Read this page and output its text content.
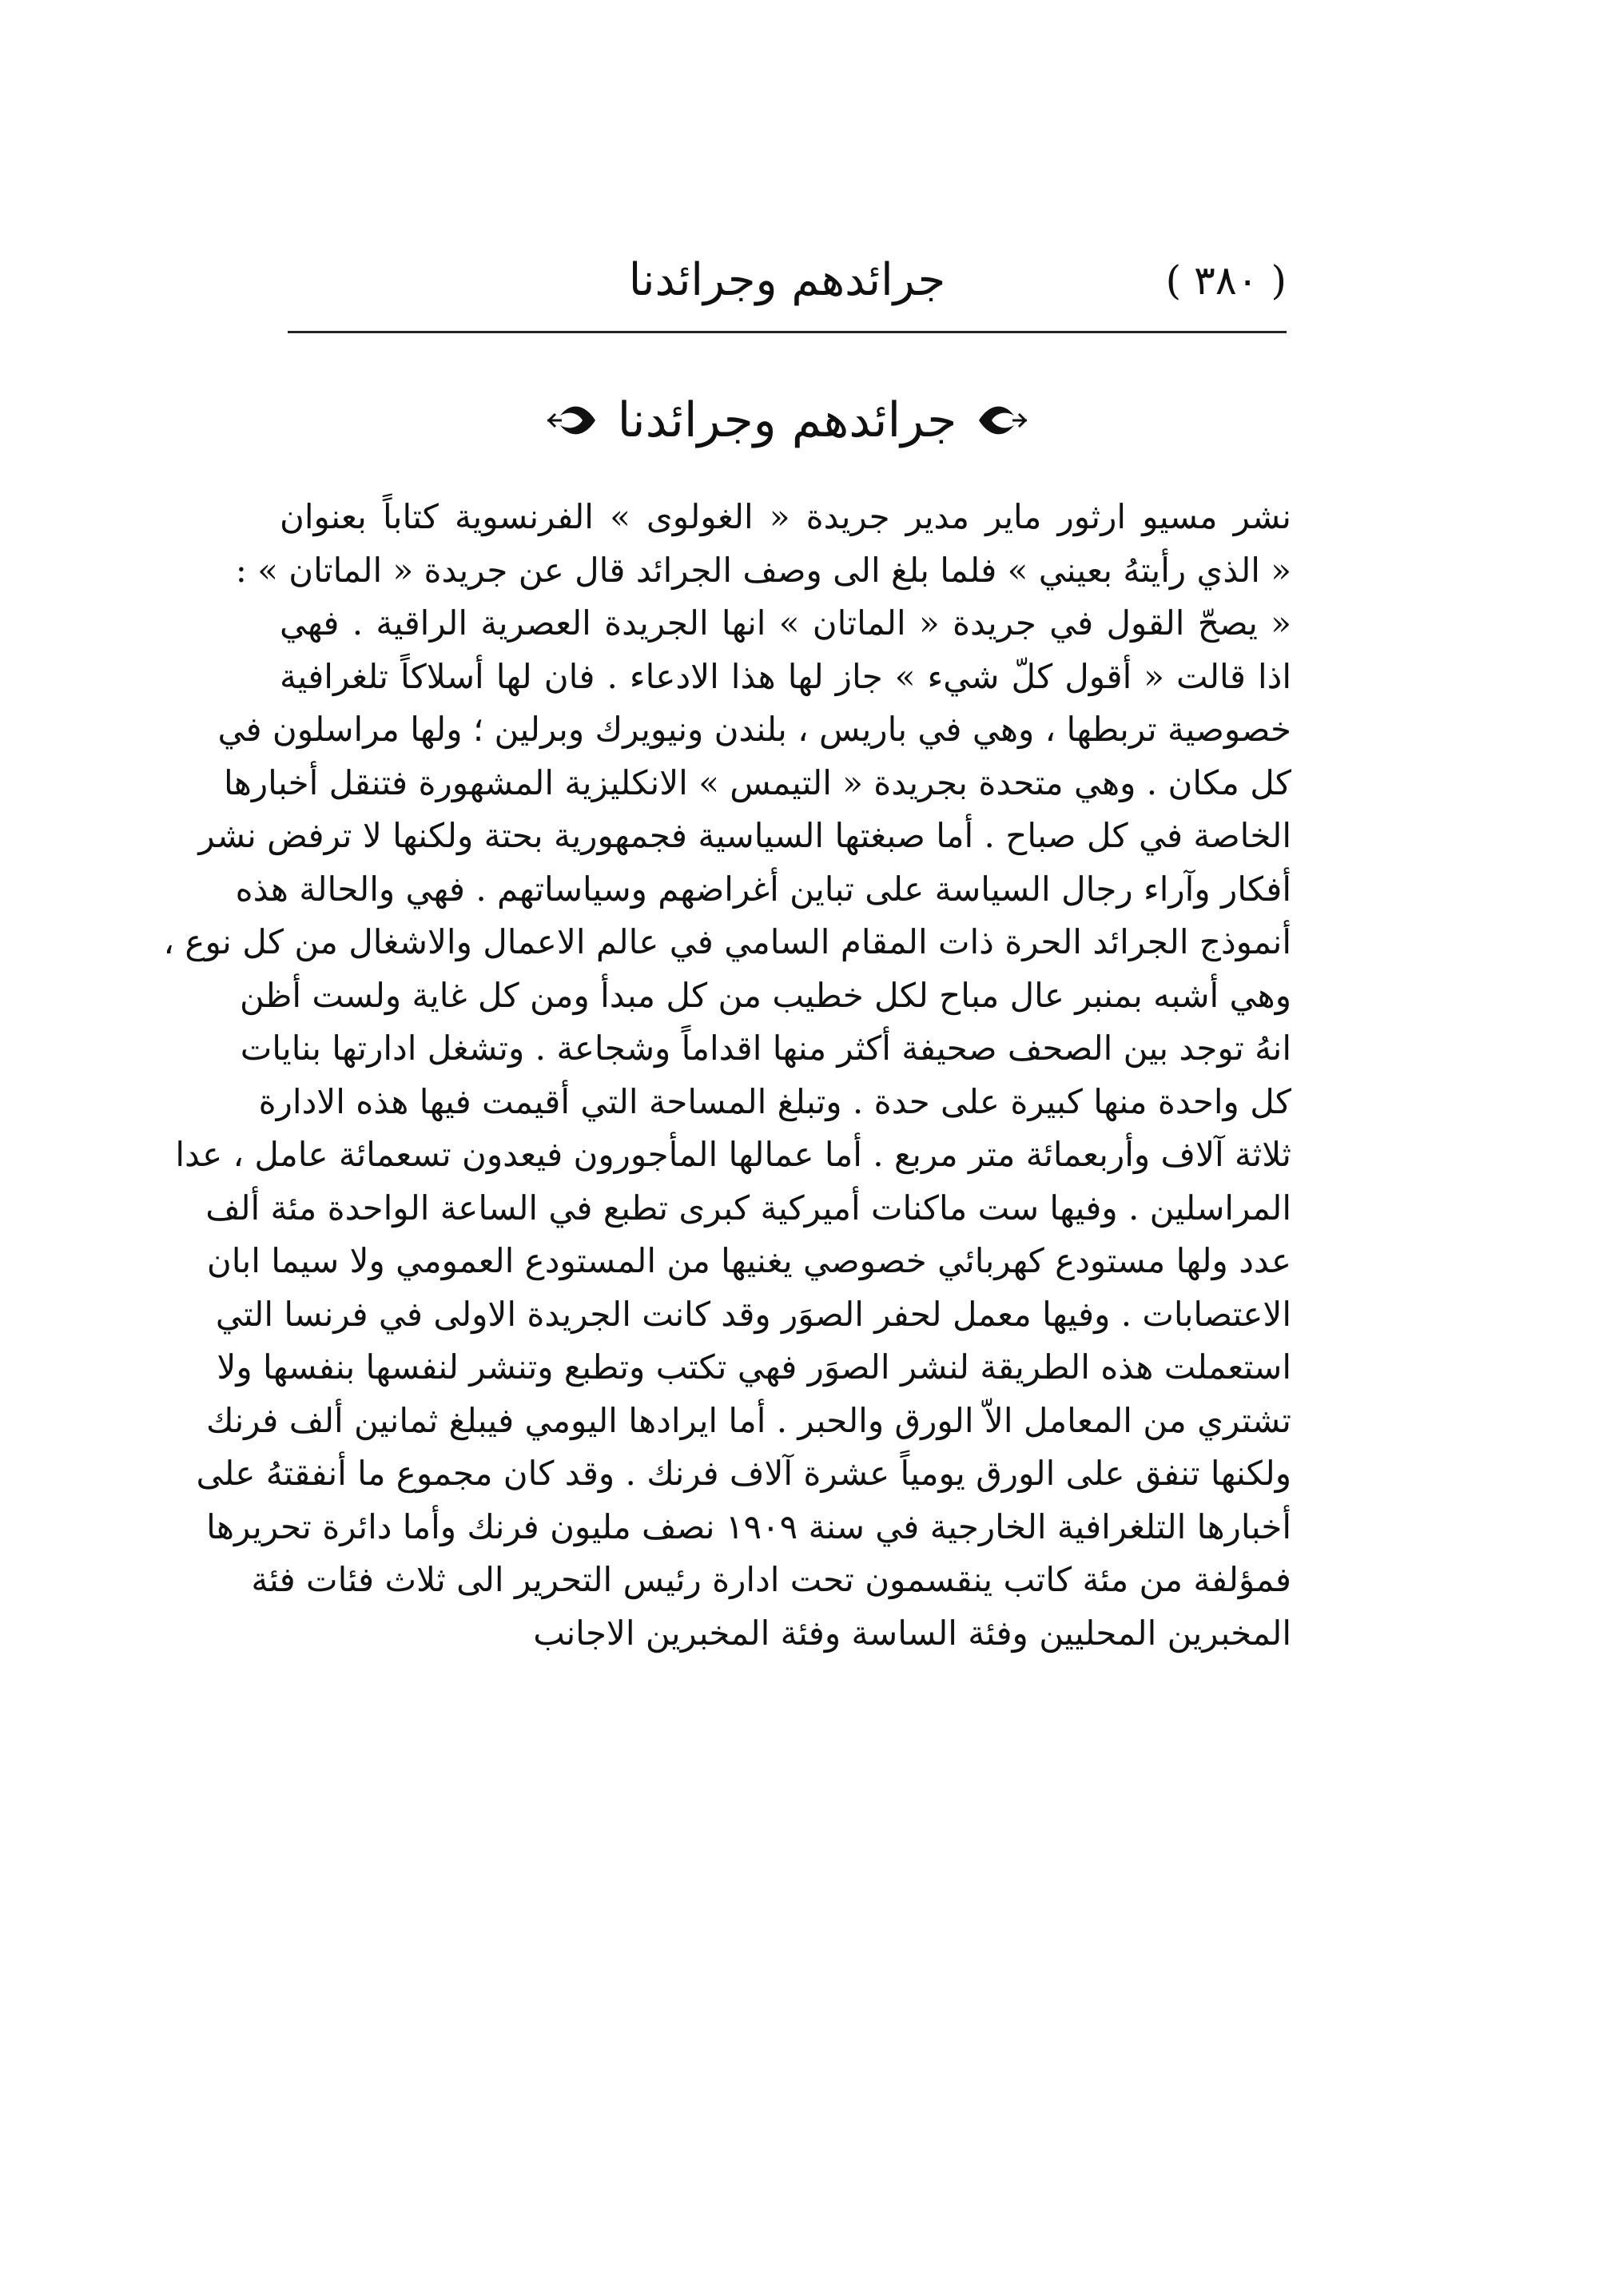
( ٣٨٠ )
جرائدهم وجرائدنا
جرائدهم وجرائدنا
نشر مسيو ارثور ماير مدير جريدة « الغولوى » الفرنسوية كتاباً بعنوان
« الذي رأيتهُ بعيني » فلما بلغ الى وصف الجرائد قال عن جريدة « الماتان » :
« يصحّ القول في جريدة « الماتان » انها الجريدة العصرية الراقية . فهي
اذا قالت « أقول كلّ شيء » جاز لها هذا الادعاء . فان لها أسلاكاً تلغرافية
خصوصية تربطها ، وهي في باريس ، بلندن ونيويرك وبرلين ؛ ولها مراسلون في
كل مكان . وهي متحدة بجريدة « التيمس » الانكليزية المشهورة فتنقل أخبارها
الخاصة في كل صباح . أما صبغتها السياسية فجمهورية بحتة ولكنها لا ترفض نشر
أفكار وآراء رجال السياسة على تباين أغراضهم وسياساتهم . فهي والحالة هذه
أنموذج الجرائد الحرة ذات المقام السامي في عالم الاعمال والاشغال من كل نوع ،
وهي أشبه بمنبر عال مباح لكل خطيب من كل مبدأ ومن كل غاية ولست أظن
انهُ توجد بين الصحف صحيفة أكثر منها اقداماً وشجاعة . وتشغل ادارتها بنايات
كل واحدة منها كبيرة على حدة . وتبلغ المساحة التي أقيمت فيها هذه الادارة
ثلاثة آلاف وأربعمائة متر مربع . أما عمالها المأجورون فيعدون تسعمائة عامل ، عدا
المراسلين . وفيها ست ماكنات أميركية كبرى تطبع في الساعة الواحدة مئة ألف
عدد ولها مستودع كهربائي خصوصي يغنيها من المستودع العمومي ولا سيما ابان
الاعتصابات . وفيها معمل لحفر الصوَر وقد كانت الجريدة الاولى في فرنسا التي
استعملت هذه الطريقة لنشر الصوَر فهي تكتب وتطبع وتنشر لنفسها بنفسها ولا
تشتري من المعامل الاّ الورق والحبر . أما ايرادها اليومي فيبلغ ثمانين ألف فرنك
ولكنها تنفق على الورق يومياً عشرة آلاف فرنك . وقد كان مجموع ما أنفقتهُ على
أخبارها التلغرافية الخارجية في سنة ١٩٠٩ نصف مليون فرنك وأما دائرة تحريرها
فمؤلفة من مئة كاتب ينقسمون تحت ادارة رئيس التحرير الى ثلاث فئات فئة
المخبرين المحليين وفئة الساسة وفئة المخبرين الاجانب
